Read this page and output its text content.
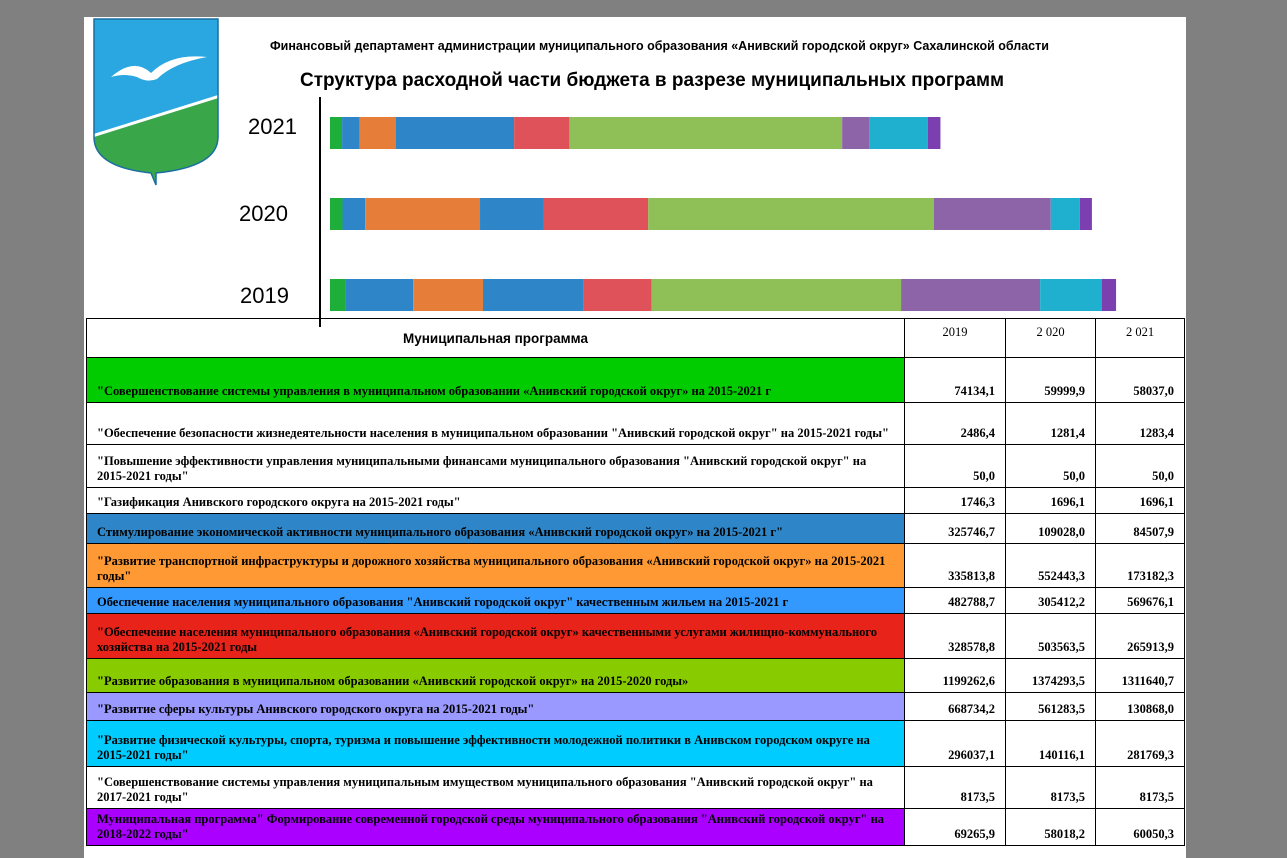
Финансовый департамент администрации муниципального образования «Анивский городской округ» Сахалинской области
Структура расходной части бюджета в разрезе муниципальных программ
2021
2020
2019
Муниципальная программа	2019	2 020	2 021
"Совершенствование системы управления в муниципальном образовании «Анивский городской округ» на 2015-2021 г	74134,1	59999,9	58037,0
"Обеспечение безопасности жизнедеятельности населения в муниципальном образовании "Анивский городской округ" на 2015-2021 годы"	2486,4	1281,4	1283,4
"Повышение эффективности управления муниципальными финансами муниципального образования "Анивский городской округ" на 2015-2021 годы"	50,0	50,0	50,0
"Газификация Анивского городского округа на 2015-2021 годы"	1746,3	1696,1	1696,1
Стимулирование экономической активности муниципального образования «Анивский городской округ» на 2015-2021 г"	325746,7	109028,0	84507,9
"Развитие транспортной инфраструктуры и дорожного хозяйства муниципального образования «Анивский городской округ» на 2015-2021 годы"	335813,8	552443,3	173182,3
Обеспечение населения муниципального образования "Анивский городской округ" качественным жильем на 2015-2021 г	482788,7	305412,2	569676,1
"Обеспечение населения муниципального образования «Анивский городской округ» качественными услугами жилищно-коммунального хозяйства на 2015-2021 годы	328578,8	503563,5	265913,9
"Развитие образования в муниципальном образовании «Анивский городской округ» на 2015-2020 годы»	1199262,6	1374293,5	1311640,7
"Развитие сферы культуры Анивского городского округа на 2015-2021 годы"	668734,2	561283,5	130868,0
"Развитие физической культуры, спорта, туризма и повышение эффективности молодежной политики в Анивском городском округе на 2015-2021 годы"	296037,1	140116,1	281769,3
"Совершенствование системы управления муниципальным имуществом муниципального образования "Анивский городской округ" на 2017-2021 годы"	8173,5	8173,5	8173,5
Муниципальная программа" Формирование современной городской среды муниципального образования "Анивский городской округ" на 2018-2022 годы"	69265,9	58018,2	60050,3
